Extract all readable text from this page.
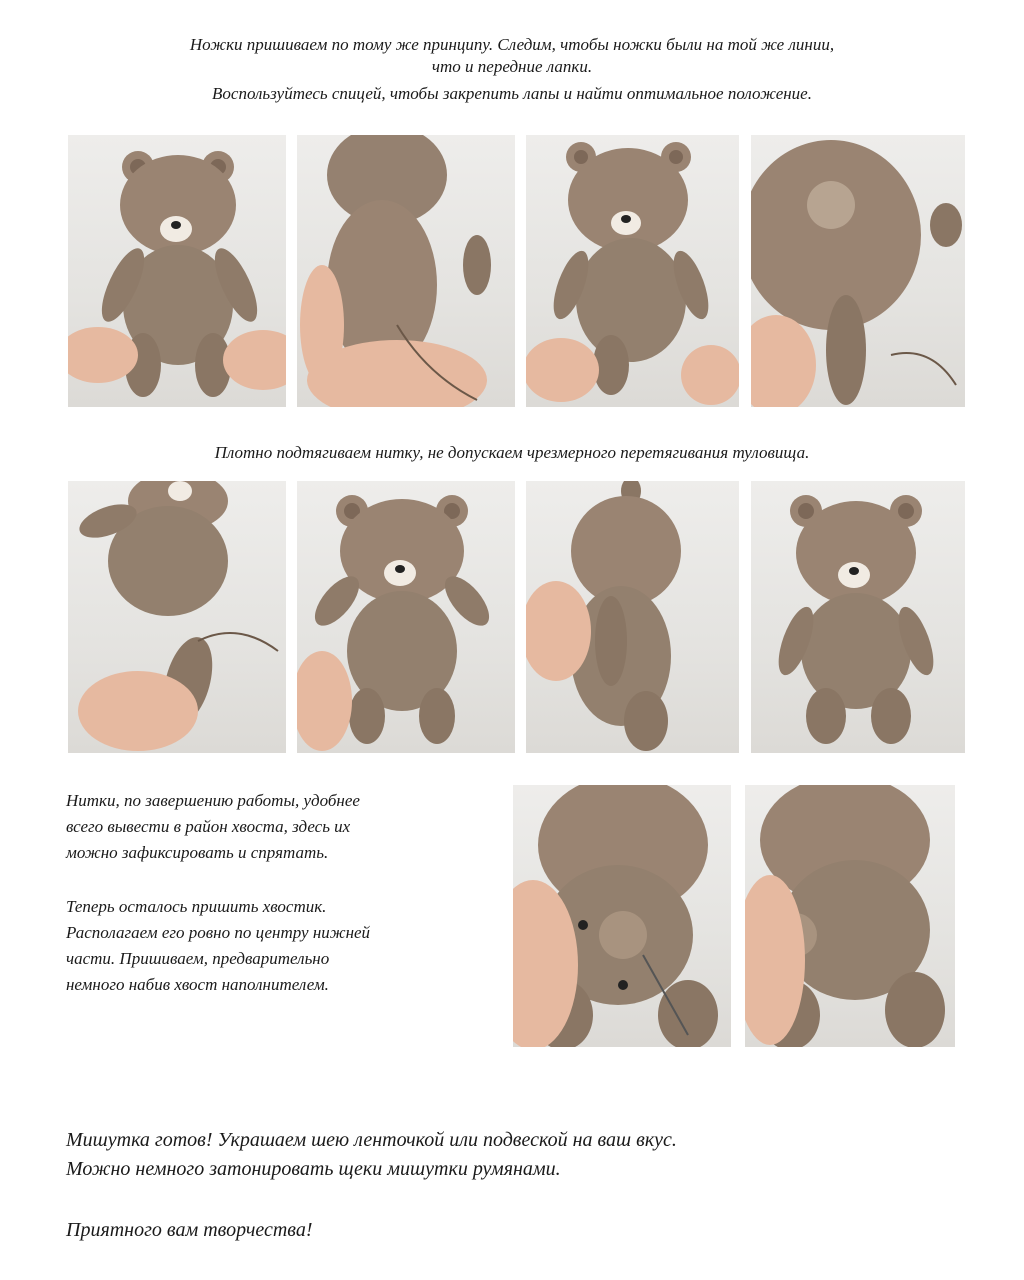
Ножки пришиваем по тому же принципу. Следим, чтобы ножки были на той же линии,

что и передние лапки.

Воспользуйтесь спицей, чтобы закрепить лапы и найти оптимальное положение.

Плотно подтягиваем нитку, не допускаем чрезмерного перетягивания туловища.

Нитки, по завершению работы, удобнее

всего вывести в район хвоста, здесь их

можно зафиксировать и спрятать.

Теперь осталось пришить хвостик.

Располагаем его ровно по центру нижней

части. Пришиваем, предварительно

немного набив хвост наполнителем.

Мишутка готов! Украшаем шею ленточкой или подвеской на ваш вкус.

Можно немного затонировать щеки мишутки румянами.

Приятного вам творчества!
